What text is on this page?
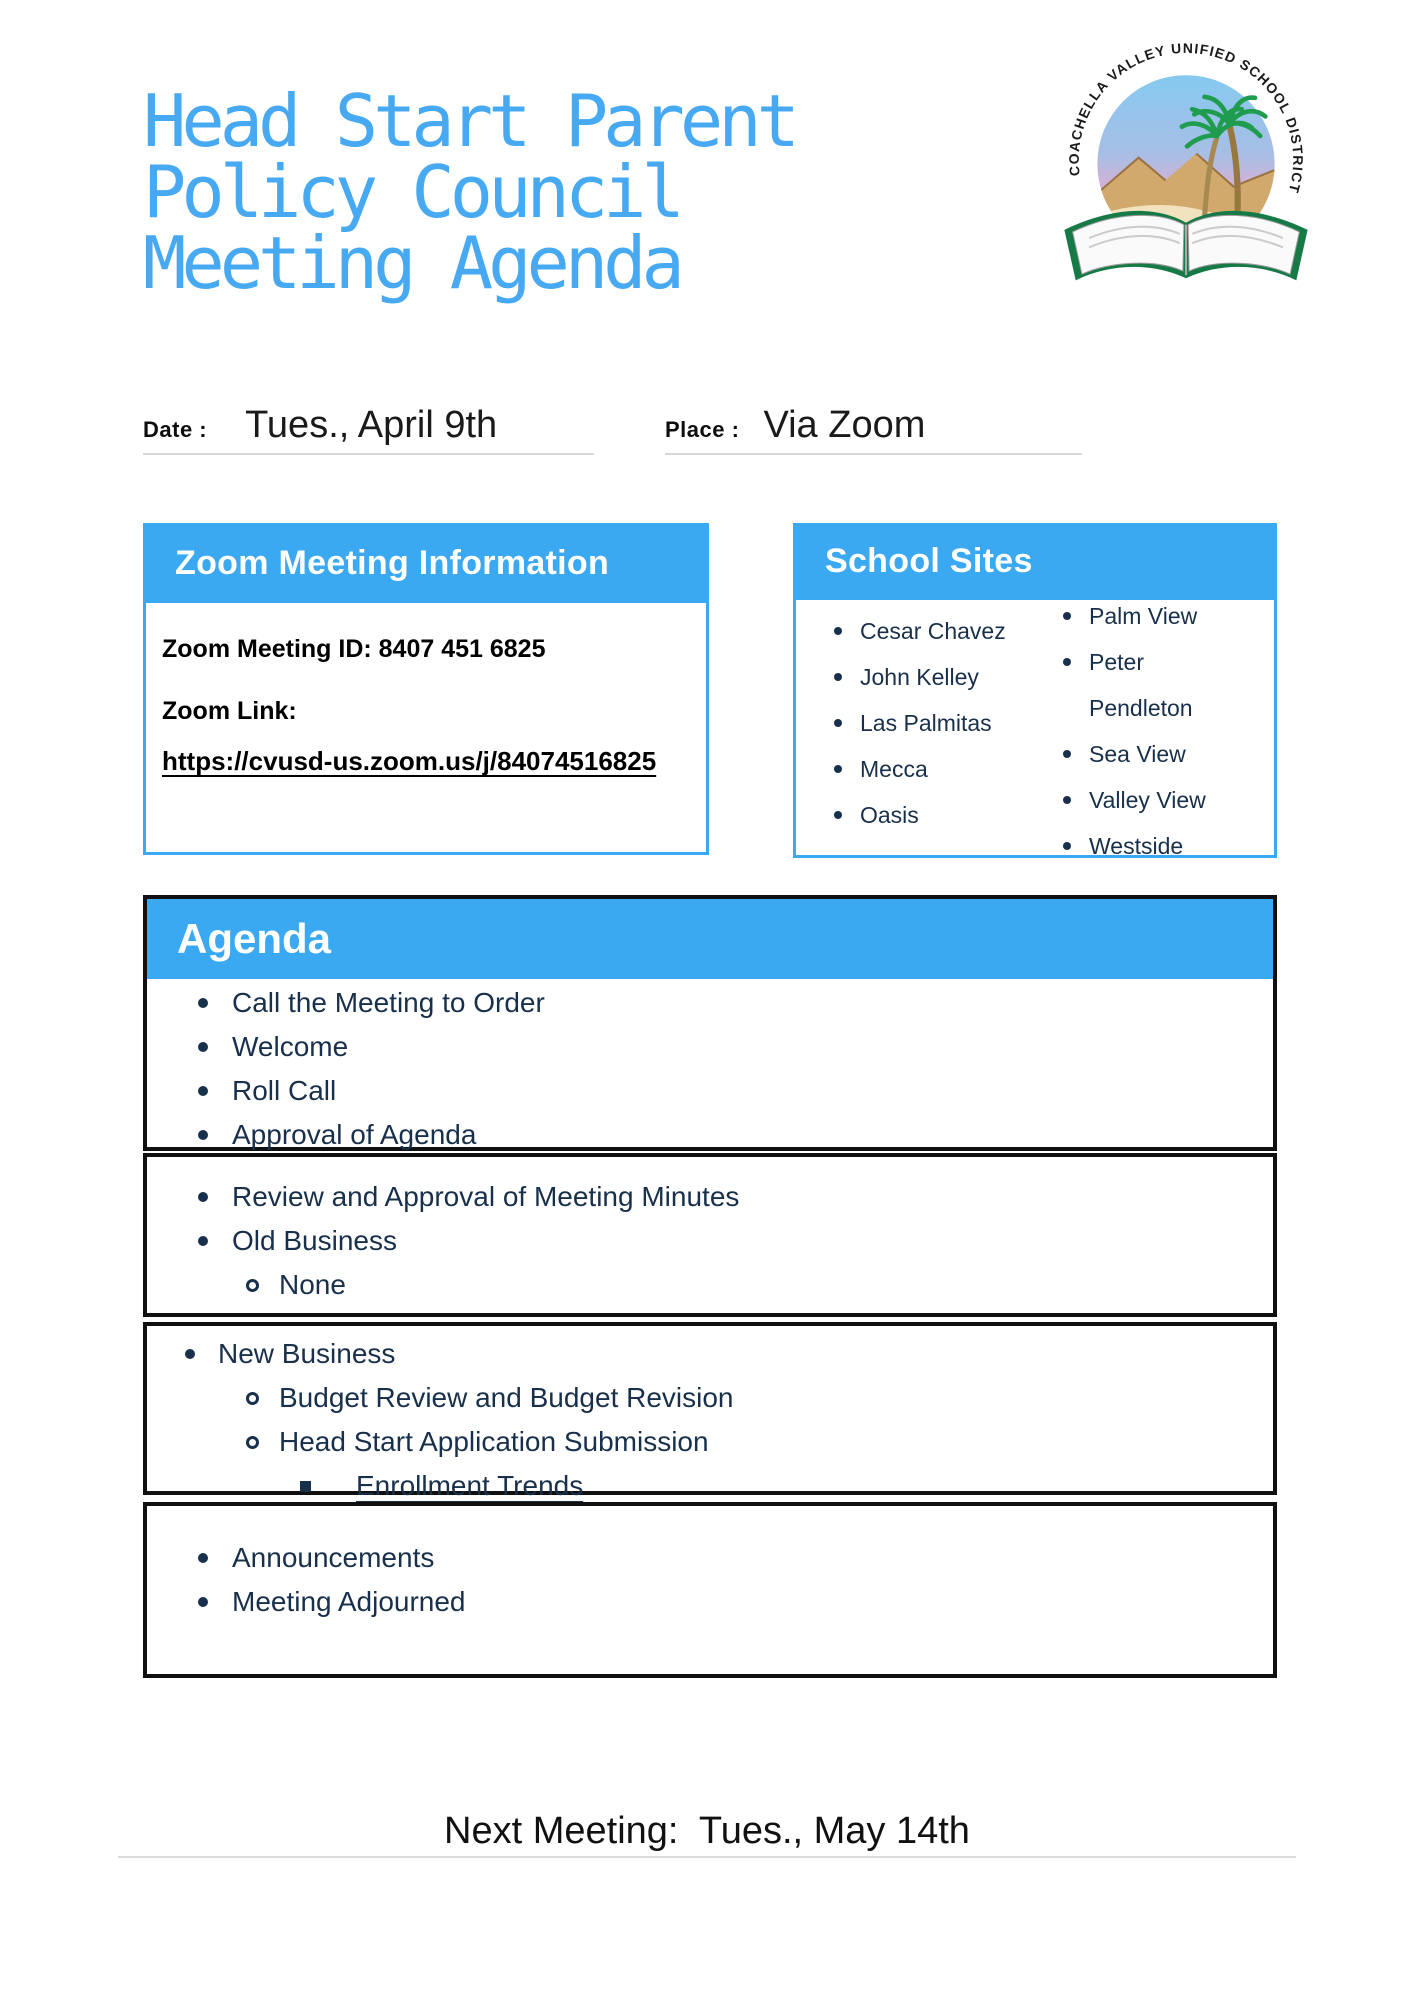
Head Start Parent
Policy Council
Meeting Agenda
COACHELLA VALLEY UNIFIED SCHOOL DISTRICT
Date : Tues., April 9th	Place : Via Zoom
Zoom Meeting Information

Zoom Meeting ID: 8407 451 6825

Zoom Link:

https://cvusd-us.zoom.us/j/84074516825

School Sites
Cesar Chavez
John Kelley
Las Palmitas
Mecca
Oasis
Palm View
Peter Pendleton
Sea View
Valley View
Westside
Agenda
Call the Meeting to Order
Welcome
Roll Call
Approval of Agenda
Review and Approval of Meeting Minutes
Old Business
None
New Business
Budget Review and Budget Revision
Head Start Application Submission
Enrollment Trends
Announcements
Meeting Adjourned
Next Meeting:  Tues., May 14th
